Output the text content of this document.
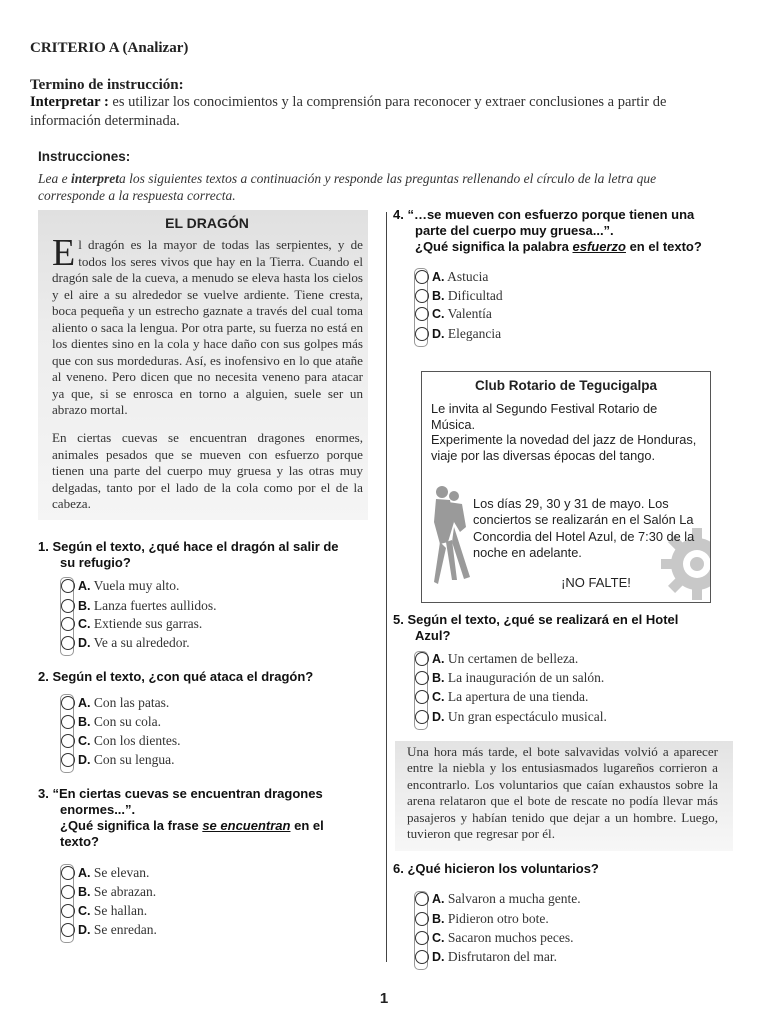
CRITERIO A (Analizar)
Termino de instrucción:
Interpretar : es utilizar los conocimientos y la comprensión para reconocer y extraer conclusiones a partir de información determinada.
Instrucciones:
Lea e interpreta los siguientes textos a continuación y responde las preguntas rellenando el círculo de la letra que corresponde a la respuesta correcta.
EL DRAGÓN
El dragón es la mayor de todas las serpientes, y de todos los seres vivos que hay en la Tierra. Cuando el dragón sale de la cueva, a menudo se eleva hasta los cielos y el aire a su alrededor se vuelve ardiente. Tiene cresta, boca pequeña y un estrecho gaznate a través del cual toma aliento o saca la lengua. Por otra parte, su fuerza no está en los dientes sino en la cola y hace daño con sus golpes más que con sus mordeduras. Así, es inofensivo en lo que atañe al veneno. Pero dicen que no necesita veneno para atacar ya que, si se enrosca en torno a alguien, suele ser un abrazo mortal.
En ciertas cuevas se encuentran dragones enormes, animales pesados que se mueven con esfuerzo porque tienen una parte del cuerpo muy gruesa y las otras muy delgadas, tanto por el lado de la cola como por el de la cabeza.
1. Según el texto, ¿qué hace el dragón al salir de
su refugio?
A. Vuela muy alto.
B. Lanza fuertes aullidos.
C. Extiende sus garras.
D. Ve a su alrededor.
2. Según el texto, ¿con qué ataca el dragón?
A. Con las patas.
B. Con su cola.
C. Con los dientes.
D. Con su lengua.
3. “En ciertas cuevas se encuentran dragones
enormes...”.
¿Qué significa la frase se encuentran en el
texto?
A. Se elevan.
B. Se abrazan.
C. Se hallan.
D. Se enredan.
4. “…se mueven con esfuerzo porque tienen una
parte del cuerpo muy gruesa...”.
¿Qué significa la palabra esfuerzo en el texto?
A. Astucia
B. Dificultad
C. Valentía
D. Elegancia
Club Rotario de Tegucigalpa
Le invita al Segundo Festival Rotario de Música.
Experimente la novedad del jazz de Honduras, viaje por las diversas épocas del tango.
Los días 29, 30 y 31 de mayo. Los conciertos se realizarán en el Salón La Concordia del Hotel Azul, de 7:30 de la noche en adelante.
¡NO FALTE!
5. Según el texto, ¿qué se realizará en el Hotel
Azul?
A. Un certamen de belleza.
B. La inauguración de un salón.
C. La apertura de una tienda.
D. Un gran espectáculo musical.
Una hora más tarde, el bote salvavidas volvió a aparecer entre la niebla y los entusiasmados lugareños corrieron a encontrarlo. Los voluntarios que caían exhaustos sobre la arena relataron que el bote de rescate no podía llevar más pasajeros y habían tenido que dejar a un hombre. Luego, tuvieron que regresar por él.
6. ¿Qué hicieron los voluntarios?
A. Salvaron a mucha gente.
B. Pidieron otro bote.
C. Sacaron muchos peces.
D. Disfrutaron del mar.
1
